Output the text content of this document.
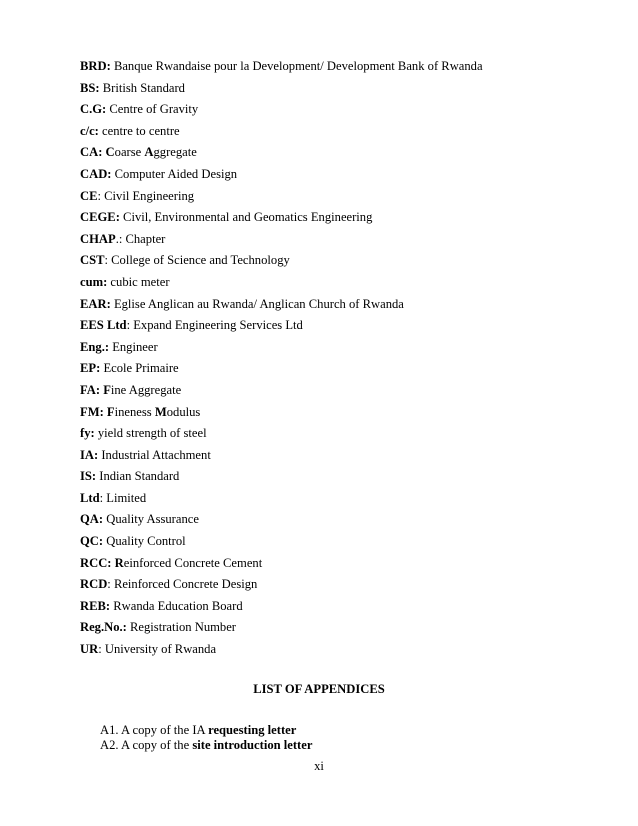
BRD: Banque Rwandaise pour la Development/ Development Bank of Rwanda
BS: British Standard
C.G: Centre of Gravity
c/c: centre to centre
CA: Coarse Aggregate
CAD: Computer Aided Design
CE: Civil Engineering
CEGE: Civil, Environmental and Geomatics Engineering
CHAP.: Chapter
CST: College of Science and Technology
cum: cubic meter
EAR: Eglise Anglican au Rwanda/ Anglican Church of Rwanda
EES Ltd: Expand Engineering Services Ltd
Eng.: Engineer
EP: Ecole Primaire
FA: Fine Aggregate
FM: Fineness Modulus
fy: yield strength of steel
IA: Industrial Attachment
IS: Indian Standard
Ltd: Limited
QA: Quality Assurance
QC: Quality Control
RCC: Reinforced Concrete Cement
RCD: Reinforced Concrete Design
REB: Rwanda Education Board
Reg.No.: Registration Number
UR: University of Rwanda
LIST OF APPENDICES
A1. A copy of the IA requesting letter
A2. A copy of the site introduction letter
xi
